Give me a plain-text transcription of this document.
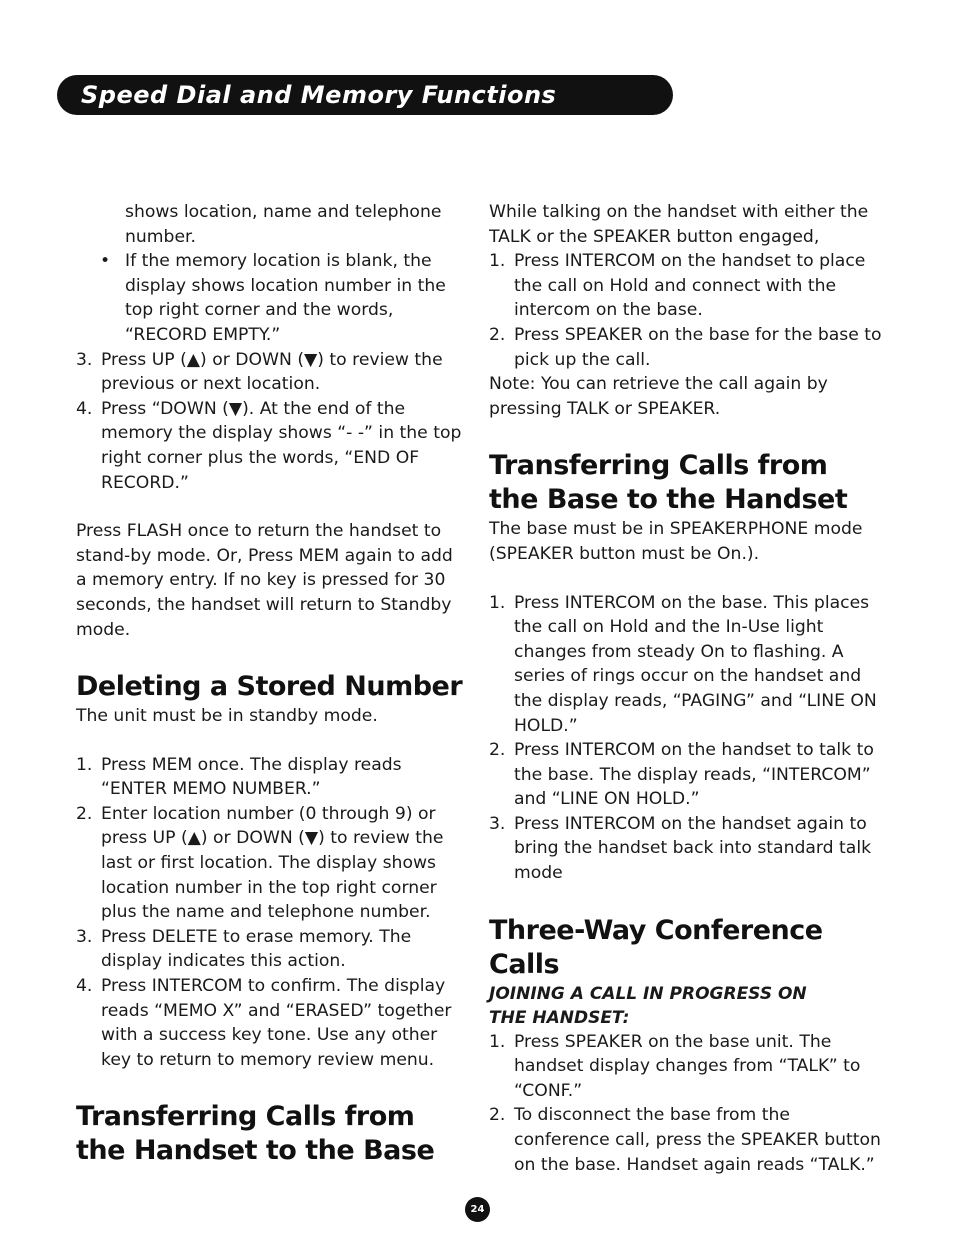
Speed Dial and Memory Functions

shows location, name and telephone number.

• If the memory location is blank, the display shows location number in the top right corner and the words, “RECORD EMPTY.”
3. Press UP (▲) or DOWN (▼) to review the previous or next location.
4. Press “DOWN (▼). At the end of the memory the display shows “- -” in the top right corner plus the words, “END OF RECORD.”

Press FLASH once to return the handset to stand-by mode. Or, Press MEM again to add a memory entry. If no key is pressed for 30 seconds, the handset will return to Standby mode.

Deleting a Stored Number

The unit must be in standby mode.

1. Press MEM once. The display reads “ENTER MEMO NUMBER.”
2. Enter location number (0 through 9) or press UP (▲) or DOWN (▼) to review the last or first location. The display shows location number in the top right corner plus the name and telephone number.
3. Press DELETE to erase memory. The display indicates this action.
4. Press INTERCOM to confirm. The display reads “MEMO X” and “ERASED” together with a success key tone. Use any other key to return to memory review menu.
Transferring Calls from
the Handset to the Base

While talking on the handset with either the TALK or the SPEAKER button engaged,

1. Press INTERCOM on the handset to place the call on Hold and connect with the intercom on the base.
2. Press SPEAKER on the base for the base to pick up the call.

Note: You can retrieve the call again by pressing TALK or SPEAKER.

Transferring Calls from
the Base to the Handset

The base must be in SPEAKERPHONE mode (SPEAKER button must be On.).

1. Press INTERCOM on the base. This places the call on Hold and the In-Use light changes from steady On to flashing. A series of rings occur on the handset and the display reads, “PAGING” and “LINE ON HOLD.”
2. Press INTERCOM on the handset to talk to the base. The display reads, “INTERCOM” and “LINE ON HOLD.”
3. Press INTERCOM on the handset again to bring the handset back into standard talk mode
Three-Way Conference
Calls

JOINING A CALL IN PROGRESS ON
THE HANDSET:

1. Press SPEAKER on the base unit. The handset display changes from “TALK” to “CONF.”
2. To disconnect the base from the conference call, press the SPEAKER button on the base. Handset again reads “TALK.”
24
